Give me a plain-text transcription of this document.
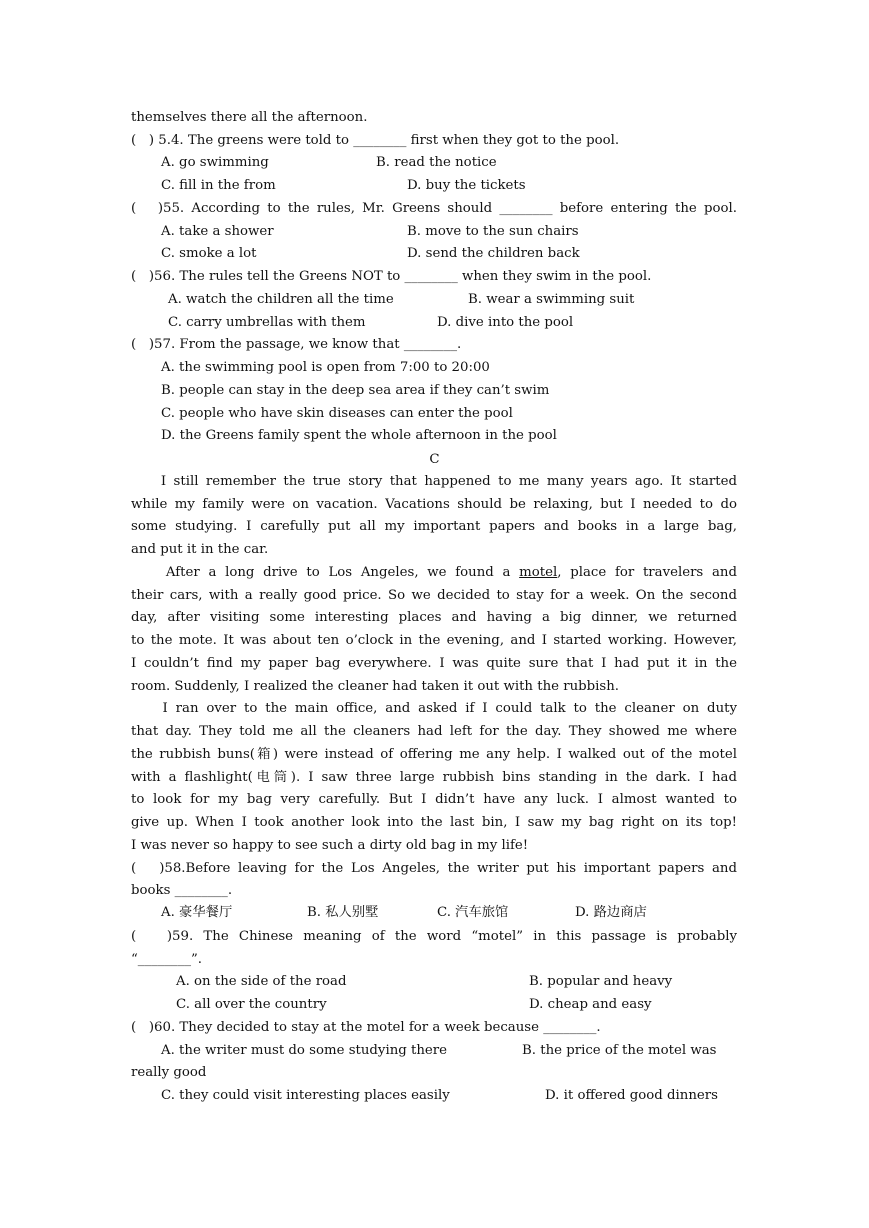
themselves there all the afternoon.
(   ) 5.4. The greens were told to ________ first when they got to the pool.
A. go swimming	B. read the notice
C. fill in the from	D. buy the tickets
(   )55. According to the rules, Mr. Greens should ________ before entering the pool.
A. take a shower	B. move to the sun chairs
C. smoke a lot	D. send the children back
(   )56. The rules tell the Greens NOT to ________ when they swim in the pool.
A. watch the children all the time	B. wear a swimming suit
C. carry umbrellas with them	D. dive into the pool
(   )57. From the passage, we know that ________.
A. the swimming pool is open from 7:00 to 20:00
B. people can stay in the deep sea area if they can’t swim
C. people who have skin diseases can enter the pool
D. the Greens family spent the whole afternoon in the pool
C
I still remember the true story that happened to me many years ago. It started
while my family were on vacation. Vacations should be relaxing, but I needed to do
some studying. I carefully put all my important papers and books in a large bag,
and put it in the car.
After a long drive to Los Angeles, we found a motel, place for travelers and
their cars, with a really good price. So we decided to stay for a week. On the second
day, after visiting some interesting places and having a big dinner, we returned
to the mote. It was about ten o’clock in the evening, and I started working. However,
I couldn’t find my paper bag everywhere. I was quite sure that I had put it in the
room. Suddenly, I realized the cleaner had taken it out with the rubbish.
I ran over to the main office, and asked if I could talk to the cleaner on duty
that day. They told me all the cleaners had left for the day. They showed me where
the rubbish buns(箱) were instead of offering me any help. I walked out of the motel
with a flashlight(电筒). I saw three large rubbish bins standing in the dark. I had
to look for my bag very carefully. But I didn’t have any luck. I almost wanted to
give up. When I took another look into the last bin, I saw my bag right on its top!
I was never so happy to see such a dirty old bag in my life!
(   )58.Before leaving for the Los Angeles, the writer put his important papers and
books ________.
A. 豪华餐厅	B. 私人别墅	C. 汽车旅馆	D. 路边商店
(   )59. The Chinese meaning of the word “motel” in this passage is probably
“________”.
A. on the side of the road	B. popular and heavy
C. all over the country	D. cheap and easy
(   )60. They decided to stay at the motel for a week because ________.
A. the writer must do some studying there	B. the price of the motel was
really good
C. they could visit interesting places easily	D. it offered good dinners
